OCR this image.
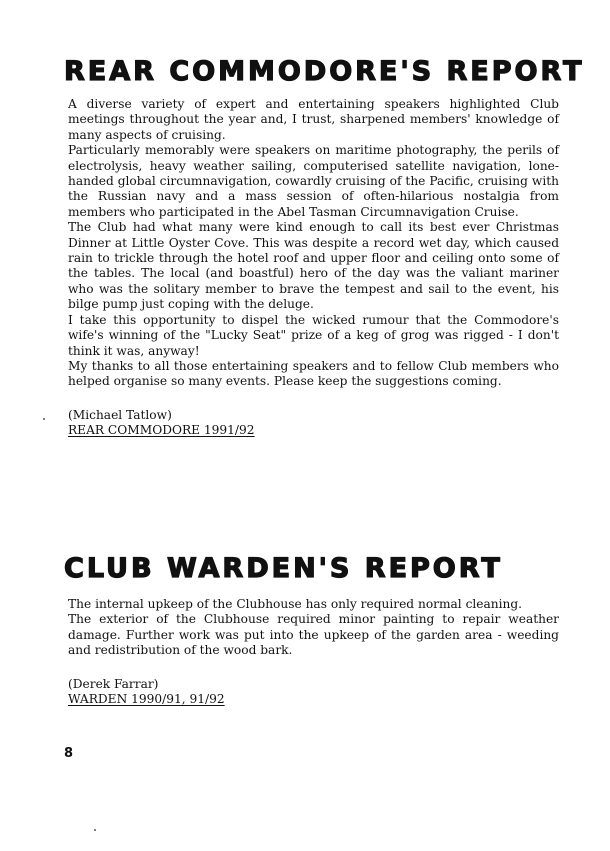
REAR COMMODORE'S REPORT

A diverse variety of expert and entertaining speakers highlighted Club meetings throughout the year and, I trust, sharpened members' knowledge of many aspects of cruising.

Particularly memorably were speakers on maritime photography, the perils of electrolysis, heavy weather sailing, computerised satellite navigation, lone-handed global circumnavigation, cowardly cruising of the Pacific, cruising with the Russian navy and a mass session of often-hilarious nostalgia from members who participated in the Abel Tasman Circumnavigation Cruise.

The Club had what many were kind enough to call its best ever Christmas Dinner at Little Oyster Cove. This was despite a record wet day, which caused rain to trickle through the hotel roof and upper floor and ceiling onto some of the tables. The local (and boastful) hero of the day was the valiant mariner who was the solitary member to brave the tempest and sail to the event, his bilge pump just coping with the deluge.

I take this opportunity to dispel the wicked rumour that the Commodore's wife's winning of the "Lucky Seat" prize of a keg of grog was rigged - I don't think it was, anyway!

My thanks to all those entertaining speakers and to fellow Club members who helped organise so many events. Please keep the suggestions coming.

(Michael Tatlow)

REAR COMMODORE 1991/92

CLUB WARDEN'S REPORT

The internal upkeep of the Clubhouse has only required normal cleaning.

The exterior of the Clubhouse required minor painting to repair weather damage. Further work was put into the upkeep of the garden area - weeding and redistribution of the wood bark.

(Derek Farrar)

WARDEN 1990/91, 91/92

8
